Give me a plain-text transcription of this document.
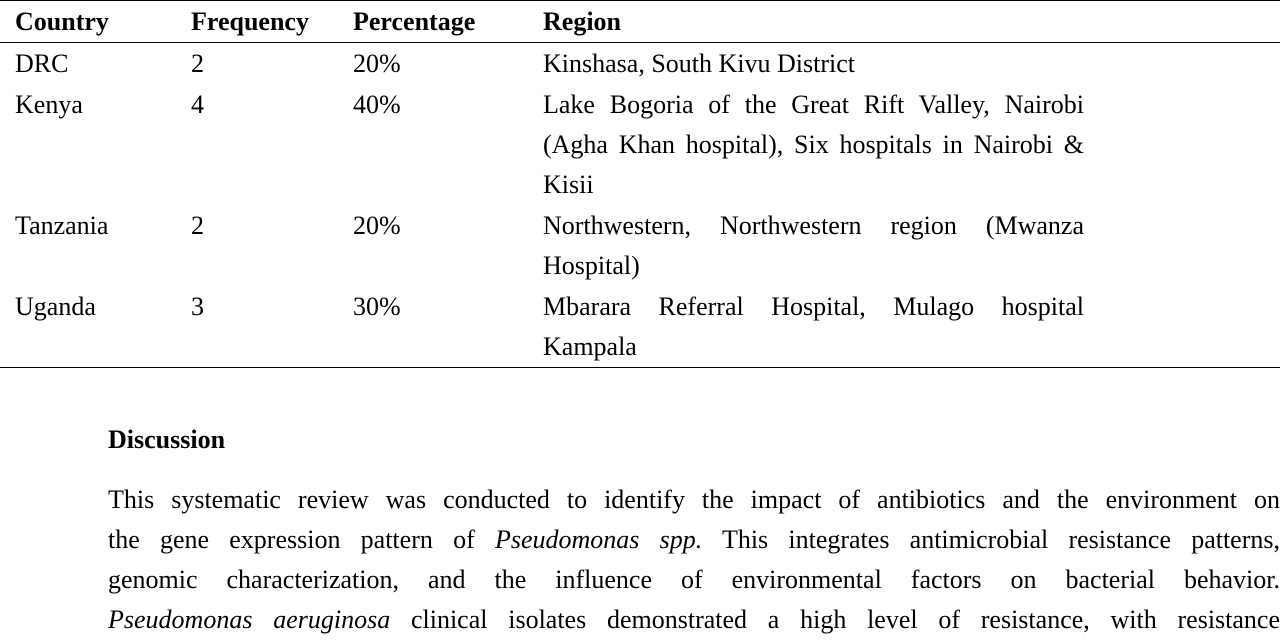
Country	Frequency	Percentage	Region
DRC	2	20%	Kinshasa, South Kivu District

Kenya	4	40%	Lake Bogoria of the Great Rift Valley, Nairobi (Agha Khan hospital), Six hospitals in Nairobi & Kisii

Tanzania	2	20%	Northwestern, Northwestern region (Mwanza Hospital)

Uganda	3	30%	Mbarara Referral Hospital, Mulago hospital Kampala
Discussion

This systematic review was conducted to identify the impact of antibiotics and the environment on
the gene expression pattern of Pseudomonas spp. This integrates antimicrobial resistance patterns,
genomic characterization, and the influence of environmental factors on bacterial behavior.
Pseudomonas aeruginosa clinical isolates demonstrated a high level of resistance, with resistance
